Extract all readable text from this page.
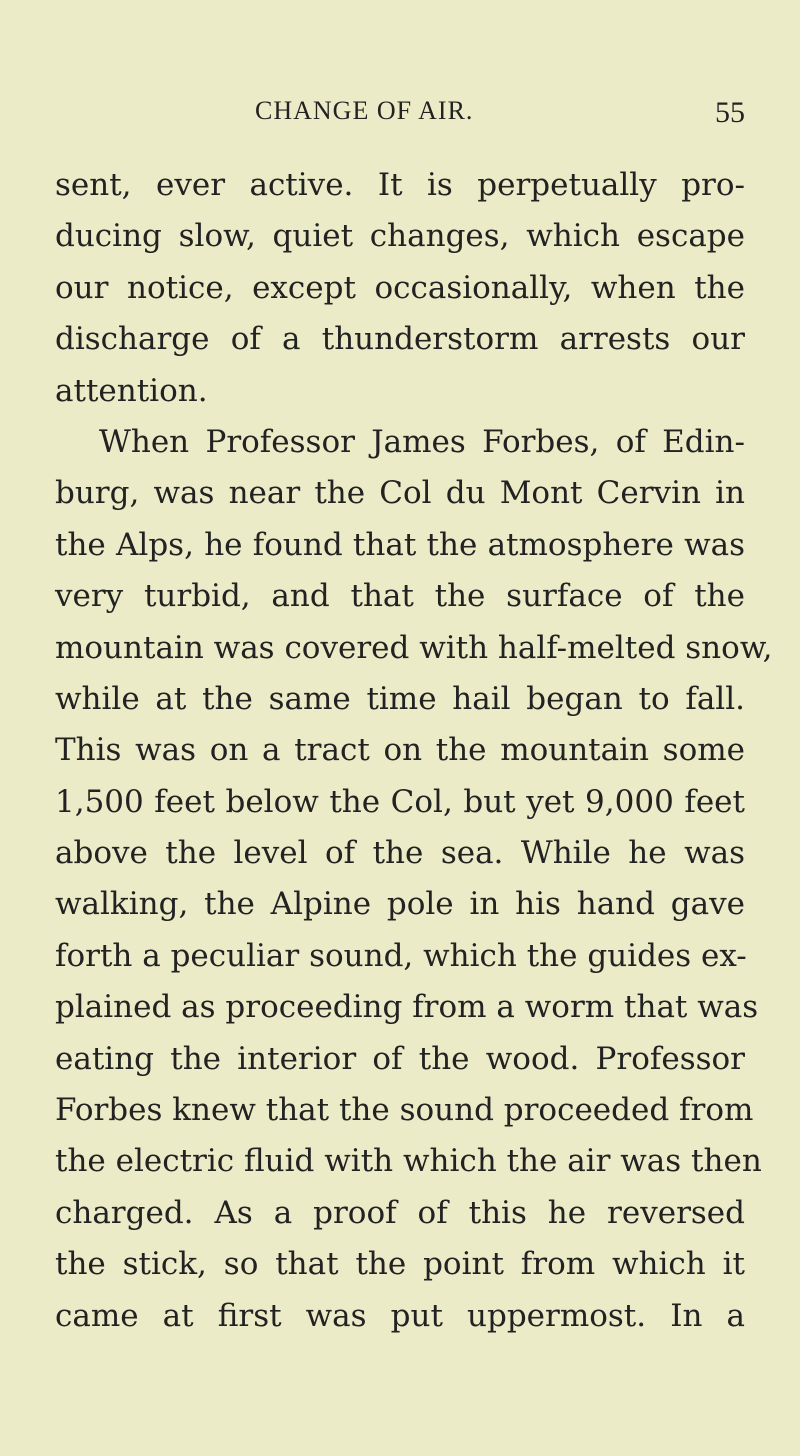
CHANGE OF AIR.	55
sent, ever active. It is perpetually pro-
ducing slow, quiet changes, which escape
our notice, except occasionally, when the
discharge of a thunderstorm arrests our
attention.
When Professor James Forbes, of Edin-
burg, was near the Col du Mont Cervin in
the Alps, he found that the atmosphere was
very turbid, and that the surface of the
mountain was covered with half-melted snow,
while at the same time hail began to fall.
This was on a tract on the mountain some
1,500 feet below the Col, but yet 9,000 feet
above the level of the sea. While he was
walking, the Alpine pole in his hand gave
forth a peculiar sound, which the guides ex-
plained as proceeding from a worm that was
eating the interior of the wood. Professor
Forbes knew that the sound proceeded from
the electric fluid with which the air was then
charged. As a proof of this he reversed
the stick, so that the point from which it
came at first was put uppermost. In a
